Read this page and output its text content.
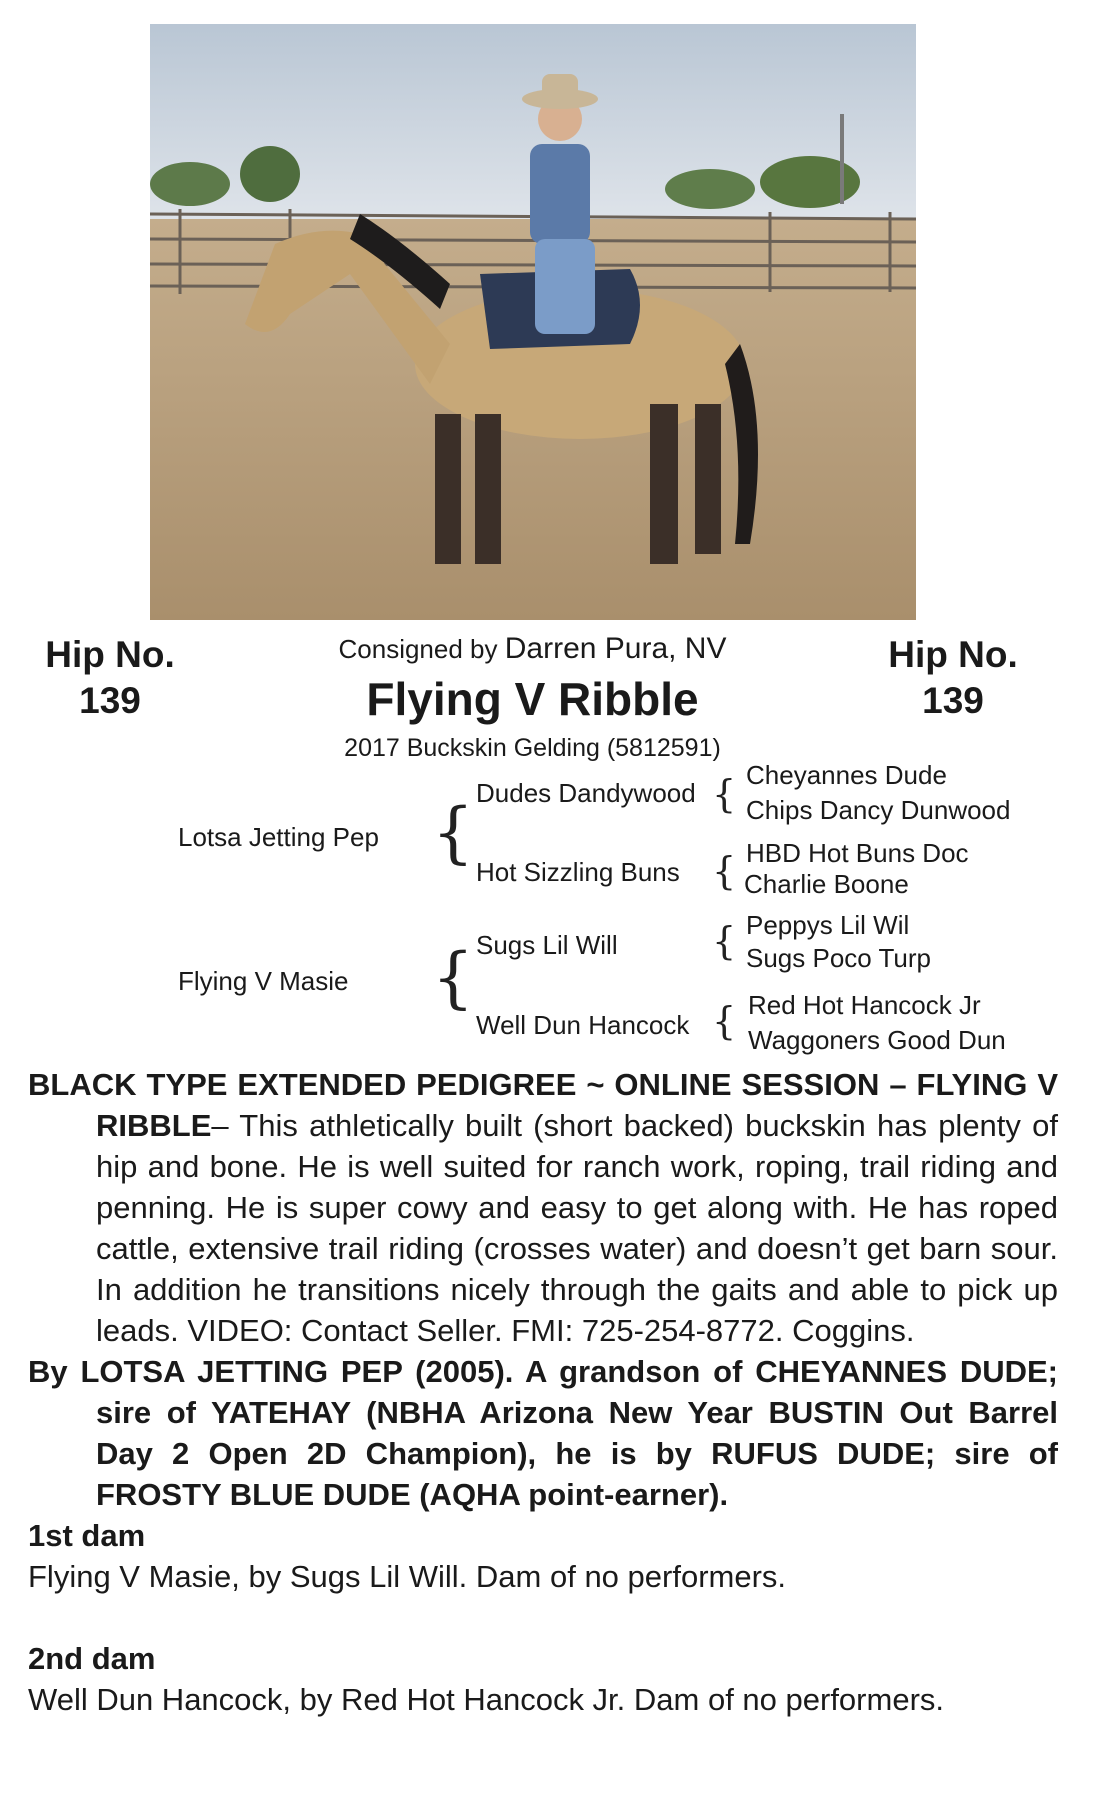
Hip No.
139
Hip No.
139
Consigned by Darren Pura, NV
Flying V Ribble
2017 Buckskin Gelding (5812591)
Lotsa Jetting Pep {
Dudes Dandywood { Cheyannes Dude
Chips Dancy Dunwood
Hot Sizzling Buns { HBD Hot Buns Doc
Charlie Boone
Flying V Masie { Sugs Lil Will { Peppys Lil Wil
Sugs Poco Turp
Well Dun Hancock { Red Hot Hancock Jr
Waggoners Good Dun

BLACK TYPE EXTENDED PEDIGREE ~ ONLINE SESSION – FLYING V RIBBLE– This athletically built (short backed) buckskin has plenty of hip and bone. He is well suited for ranch work, roping, trail riding and penning. He is super cowy and easy to get along with. He has roped cattle, extensive trail riding (crosses water) and doesn’t get barn sour. In addition he transitions nicely through the gaits and able to pick up leads. VIDEO: Contact Seller. FMI: 725-254-8772. Coggins.

By LOTSA JETTING PEP (2005). A grandson of CHEYANNES DUDE; sire of YATEHAY (NBHA Arizona New Year BUSTIN Out Barrel Day 2 Open 2D Champion), he is by RUFUS DUDE; sire of FROSTY BLUE DUDE (AQHA point-earner).

1st dam

Flying V Masie, by Sugs Lil Will. Dam of no performers.

2nd dam

Well Dun Hancock, by Red Hot Hancock Jr. Dam of no performers.
